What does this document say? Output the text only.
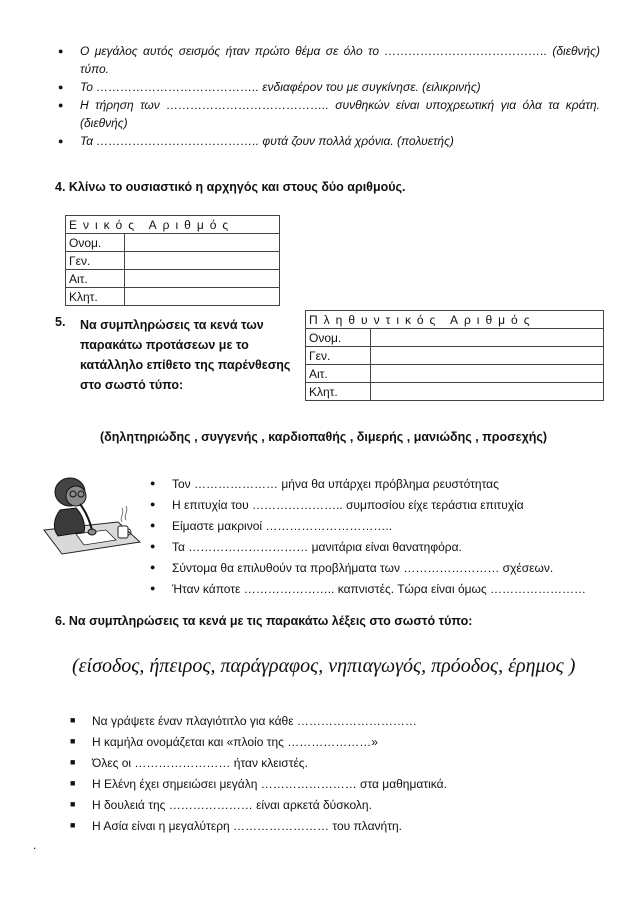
● Ο μεγάλος αυτός σεισμός ήταν πρώτο θέμα σε όλο το ………………………………….. (διεθνής) τύπο.
● Το ………………………………….. ενδιαφέρον του με συγκίνησε. (ειλικρινής)
● Η τήρηση των ………………………………….. συνθηκών είναι υποχρεωτική για όλα τα κράτη. (διεθνής)
● Τα ………………………………….. φυτά ζουν πολλά χρόνια. (πολυετής)
4. Κλίνω το ουσιαστικό η αρχηγός και στους δύο αριθμούς.
Ενικός Αριθμός	
Ονομ.	
Γεν.	
Αιτ.	
Κλητ.	
Πληθυντικός Αριθμός	
Ονομ.	
Γεν.	
Αιτ.	
Κλητ.	
5. Να συμπληρώσεις τα κενά των παρακάτω προτάσεων με το κατάλληλο επίθετο της παρένθεσης στο σωστό τύπο:
(δηλητηριώδης , συγγενής , καρδιοπαθής , διμερής , μανιώδης , προσεχής)
● Τον ………………… μήνα θα υπάρχει πρόβλημα ρευστότητας
● Η επιτυχία του ………………….. συμποσίου είχε τεράστια επιτυχία
● Είμαστε μακρινοί …………………………..
● Τα ………………………… μανιτάρια είναι θανατηφόρα.
● Σύντομα θα επιλυθούν τα προβλήματα των …………………… σχέσεων.
● Ήταν κάποτε ………………….. καπνιστές. Τώρα είναι όμως ……………………
6. Να συμπληρώσεις τα κενά με τις παρακάτω λέξεις στο σωστό τύπο:
(είσοδος, ήπειρος, παράγραφος, νηπιαγωγός, πρόοδος, έρημος )
■ Να γράψετε έναν πλαγιότιτλο για κάθε …………………………
■ Η καμήλα ονομάζεται και «πλοίο της …………………»
■ Όλες οι …………………… ήταν κλειστές.
■ Η Ελένη έχει σημειώσει μεγάλη …………………… στα μαθηματικά.
■ Η δουλειά της ………………… είναι αρκετά δύσκολη.
■ Η Ασία είναι η μεγαλύτερη …………………… του πλανήτη.
.
